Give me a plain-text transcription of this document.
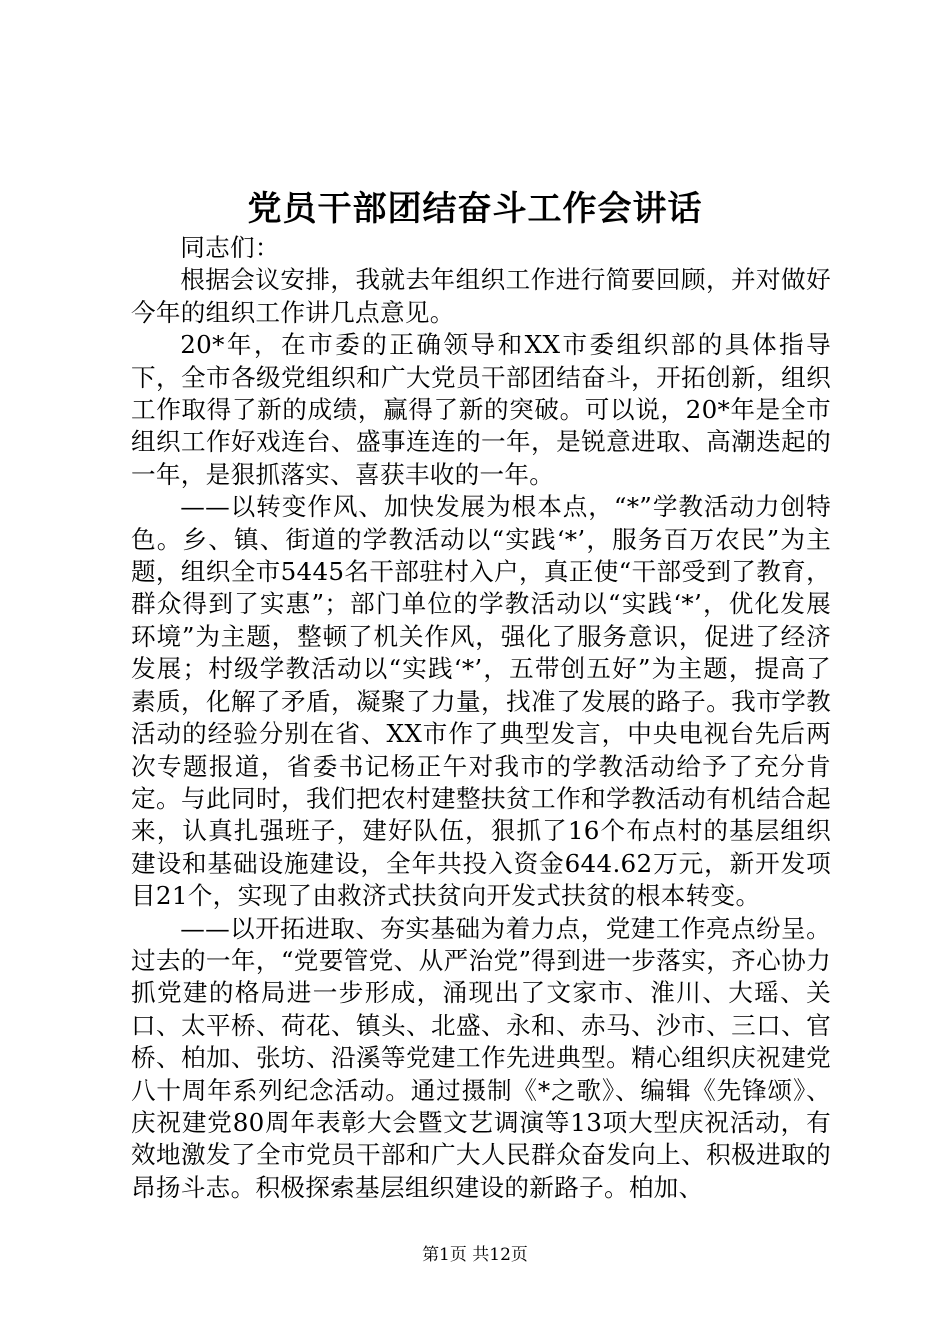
党员干部团结奋斗工作会讲话

同志们：

根据会议安排，我就去年组织工作进行简要回顾，并对做好今年的组织工作讲几点意见。

20*年，在市委的正确领导和XX市委组织部的具体指导下，全市各级党组织和广大党员干部团结奋斗，开拓创新，组织工作取得了新的成绩，赢得了新的突破。可以说，20*年是全市组织工作好戏连台、盛事连连的一年，是锐意进取、高潮迭起的一年，是狠抓落实、喜获丰收的一年。

——以转变作风、加快发展为根本点，“*”学教活动力创特色。乡、镇、街道的学教活动以“实践‘*’，服务百万农民”为主题，组织全市5445名干部驻村入户，真正使“干部受到了教育，群众得到了实惠”；部门单位的学教活动以“实践‘*’，优化发展环境”为主题，整顿了机关作风，强化了服务意识，促进了经济发展；村级学教活动以“实践‘*’，五带创五好”为主题，提高了素质，化解了矛盾，凝聚了力量，找准了发展的路子。我市学教活动的经验分别在省、XX市作了典型发言，中央电视台先后两次专题报道，省委书记杨正午对我市的学教活动给予了充分肯定。与此同时，我们把农村建整扶贫工作和学教活动有机结合起来，认真扎强班子，建好队伍，狠抓了16个布点村的基层组织建设和基础设施建设，全年共投入资金644.62万元，新开发项目21个，实现了由救济式扶贫向开发式扶贫的根本转变。

——以开拓进取、夯实基础为着力点，党建工作亮点纷呈。过去的一年，“党要管党、从严治党”得到进一步落实，齐心协力抓党建的格局进一步形成，涌现出了文家市、淮川、大瑶、关口、太平桥、荷花、镇头、北盛、永和、赤马、沙市、三口、官桥、柏加、张坊、沿溪等党建工作先进典型。精心组织庆祝建党八十周年系列纪念活动。通过摄制《*之歌》、编辑《先锋颂》、庆祝建党80周年表彰大会暨文艺调演等13项大型庆祝活动，有效地激发了全市党员干部和广大人民群众奋发向上、积极进取的昂扬斗志。积极探索基层组织建设的新路子。柏加、

第1页 共12页
